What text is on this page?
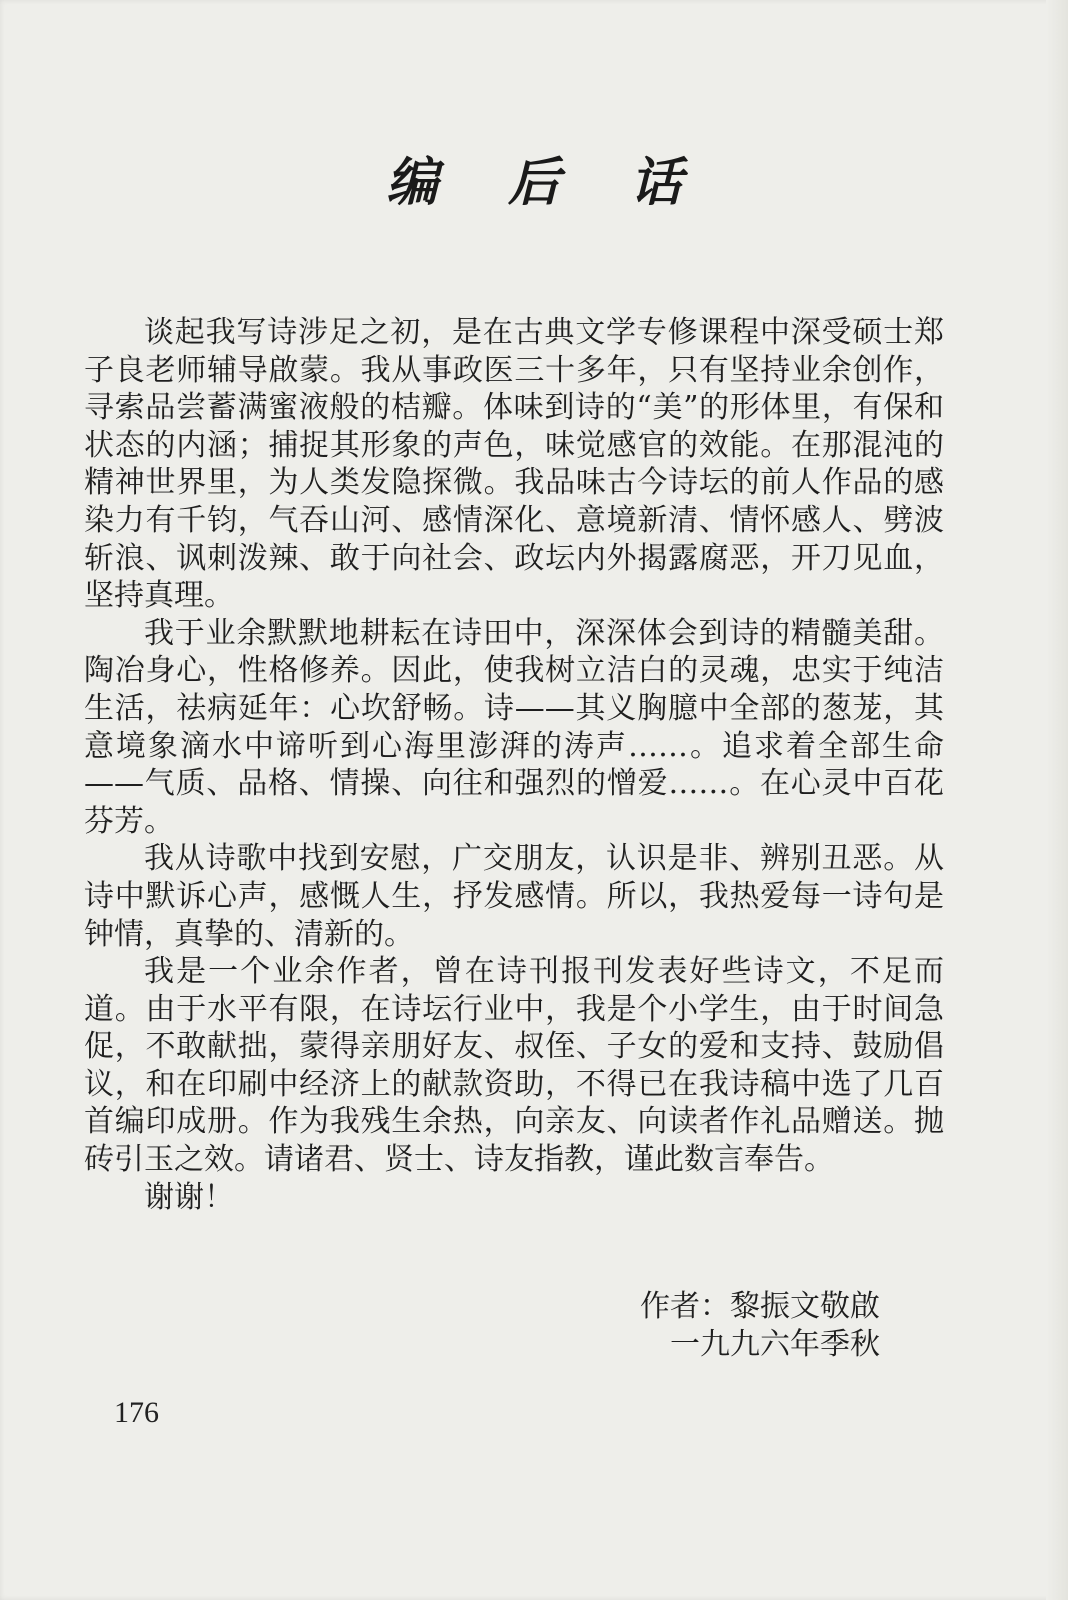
编后话

谈起我写诗涉足之初，是在古典文学专修课程中深受硕士郑子良老师辅导啟蒙。我从事政医三十多年，只有坚持业余创作，寻索品尝蓄满蜜液般的桔瓣。体味到诗的“美”的形体里，有保和状态的内涵；捕捉其形象的声色，味觉感官的效能。在那混沌的精神世界里，为人类发隐探微。我品味古今诗坛的前人作品的感染力有千钧，气吞山河、感情深化、意境新清、情怀感人、劈波斩浪、讽刺泼辣、敢于向社会、政坛内外揭露腐恶，开刀见血，坚持真理。

我于业余默默地耕耘在诗田中，深深体会到诗的精髓美甜。陶冶身心，性格修养。因此，使我树立洁白的灵魂，忠实于纯洁生活，祛病延年：心坎舒畅。诗——其义胸臆中全部的葱茏，其意境象滴水中谛听到心海里澎湃的涛声……。追求着全部生命——气质、品格、情操、向往和强烈的憎爱……。在心灵中百花芬芳。

我从诗歌中找到安慰，广交朋友，认识是非、辨别丑恶。从诗中默诉心声，感慨人生，抒发感情。所以，我热爱每一诗句是钟情，真挚的、清新的。

我是一个业余作者，曾在诗刊报刊发表好些诗文，不足而道。由于水平有限，在诗坛行业中，我是个小学生，由于时间急促，不敢献拙，蒙得亲朋好友、叔侄、子女的爱和支持、鼓励倡议，和在印刷中经济上的献款资助，不得已在我诗稿中选了几百首编印成册。作为我残生余热，向亲友、向读者作礼品赠送。抛砖引玉之效。请诸君、贤士、诗友指教，谨此数言奉告。

谢谢！

作者：黎振文敬啟
一九九六年季秋
176
